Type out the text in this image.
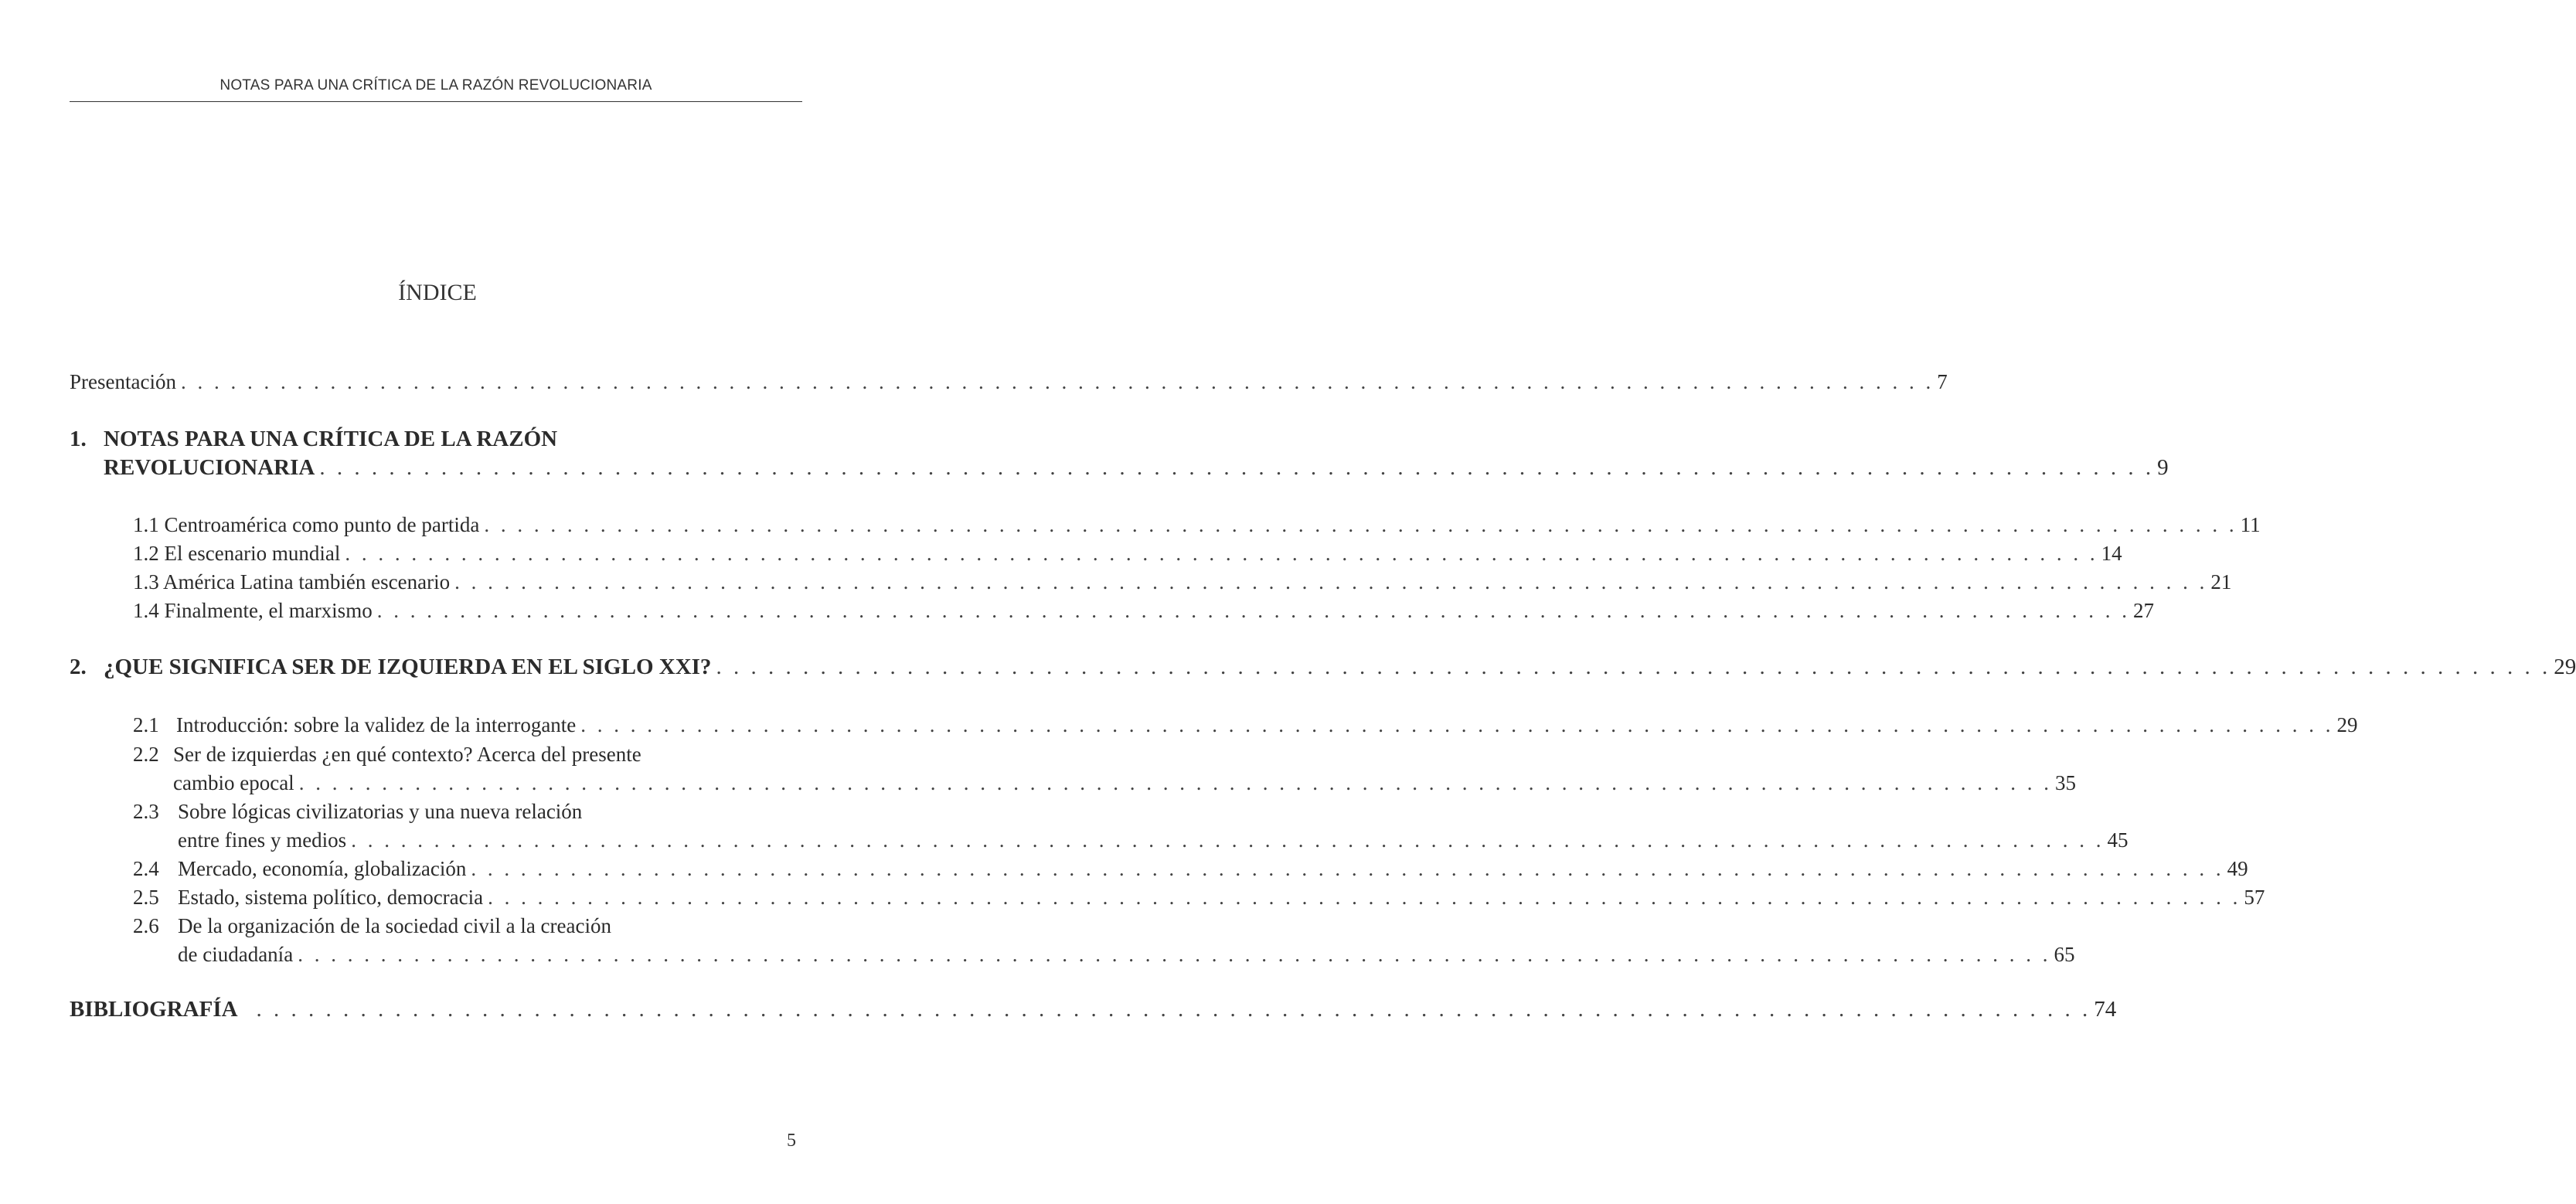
NOTAS PARA UNA CRÍTICA DE LA RAZÓN REVOLUCIONARIA
ÍNDICE
Presentación . . . . . . . . . . . . . . . . . . . . . . . . . . . . . . . . . . . . . . . . . . . . . . . . . . . . . . . . . . . . . . . . . . . . . . . . . . . . . . . . . . . . . . . . . . . . . . . . . . . . . . . . . . 7
1. NOTAS PARA UNA CRÍTICA DE LA RAZÓN
REVOLUCIONARIA . . . . . . . . . . . . . . . . . . . . . . . . . . . . . . . . . . . . . . . . . . . . . . . . . . . . . . . . . . . . . . . . . . . . . . . . . . . . . . . . . . . . . . . . . . . . . . . . . . . . . . . . . . 9
1.1 Centroamérica como punto de partida . . . . . . . . . . . . . . . . . . . . . . . . . . . . . . . . . . . . . . . . . . . . . . . . . . . . . . . . . . . . . . . . . . . . . . . . . . . . . . . . . . . . . . . . . . . . . . . . . . . . . . . . . . 11
1.2 El escenario mundial . . . . . . . . . . . . . . . . . . . . . . . . . . . . . . . . . . . . . . . . . . . . . . . . . . . . . . . . . . . . . . . . . . . . . . . . . . . . . . . . . . . . . . . . . . . . . . . . . . . . . . . . . . 14
1.3 América Latina también escenario . . . . . . . . . . . . . . . . . . . . . . . . . . . . . . . . . . . . . . . . . . . . . . . . . . . . . . . . . . . . . . . . . . . . . . . . . . . . . . . . . . . . . . . . . . . . . . . . . . . . . . . . . . 21
1.4 Finalmente, el marxismo . . . . . . . . . . . . . . . . . . . . . . . . . . . . . . . . . . . . . . . . . . . . . . . . . . . . . . . . . . . . . . . . . . . . . . . . . . . . . . . . . . . . . . . . . . . . . . . . . . . . . . . . . . 27
2. ¿QUE SIGNIFICA SER DE IZQUIERDA EN EL SIGLO XXI? . . . . . . . . . . . . . . . . . . . . . . . . . . . . . . . . . . . . . . . . . . . . . . . . . . . . . . . . . . . . . . . . . . . . . . . . . . . . . . . . . . . . . . . . . . . . . . . . . . . . . . . . . . 29
2.1 Introducción: sobre la validez de la interrogante . . . . . . . . . . . . . . . . . . . . . . . . . . . . . . . . . . . . . . . . . . . . . . . . . . . . . . . . . . . . . . . . . . . . . . . . . . . . . . . . . . . . . . . . . . . . . . . . . . . . . . . . . . 29
2.2 Ser de izquierdas ¿en qué contexto? Acerca del presente
cambio epocal . . . . . . . . . . . . . . . . . . . . . . . . . . . . . . . . . . . . . . . . . . . . . . . . . . . . . . . . . . . . . . . . . . . . . . . . . . . . . . . . . . . . . . . . . . . . . . . . . . . . . . . . . . 35
2.3 Sobre lógicas civilizatorias y una nueva relación
entre fines y medios . . . . . . . . . . . . . . . . . . . . . . . . . . . . . . . . . . . . . . . . . . . . . . . . . . . . . . . . . . . . . . . . . . . . . . . . . . . . . . . . . . . . . . . . . . . . . . . . . . . . . . . . . . 45
2.4 Mercado, economía, globalización . . . . . . . . . . . . . . . . . . . . . . . . . . . . . . . . . . . . . . . . . . . . . . . . . . . . . . . . . . . . . . . . . . . . . . . . . . . . . . . . . . . . . . . . . . . . . . . . . . . . . . . . . . 49
2.5 Estado, sistema político, democracia . . . . . . . . . . . . . . . . . . . . . . . . . . . . . . . . . . . . . . . . . . . . . . . . . . . . . . . . . . . . . . . . . . . . . . . . . . . . . . . . . . . . . . . . . . . . . . . . . . . . . . . . . . 57
2.6 De la organización de la sociedad civil a la creación
de ciudadanía . . . . . . . . . . . . . . . . . . . . . . . . . . . . . . . . . . . . . . . . . . . . . . . . . . . . . . . . . . . . . . . . . . . . . . . . . . . . . . . . . . . . . . . . . . . . . . . . . . . . . . . . . . 65
BIBLIOGRAFÍA . . . . . . . . . . . . . . . . . . . . . . . . . . . . . . . . . . . . . . . . . . . . . . . . . . . . . . . . . . . . . . . . . . . . . . . . . . . . . . . . . . . . . . . . . . . . . . . . . . . . . . . . . . 74
5
